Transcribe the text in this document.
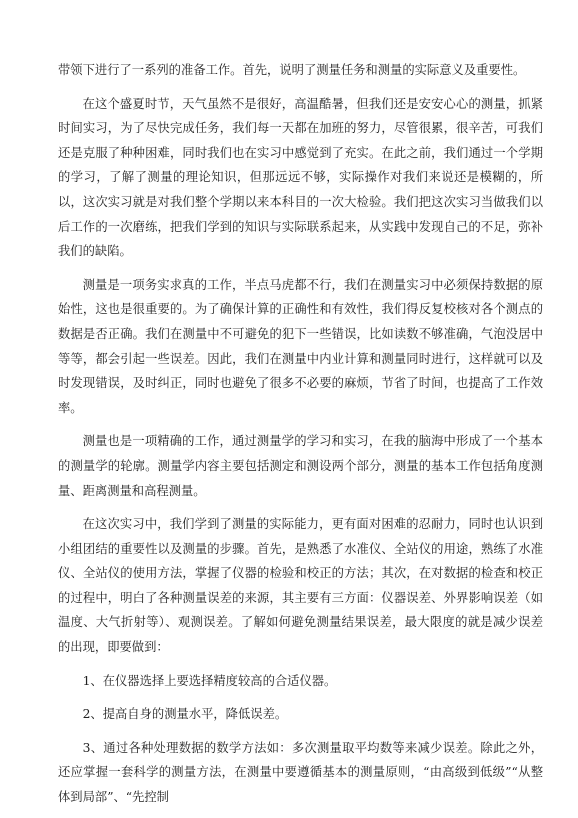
带领下进行了一系列的准备工作。首先，说明了测量任务和测量的实际意义及重要性。

在这个盛夏时节，天气虽然不是很好，高温酷暑，但我们还是安安心心的测量，抓紧时间实习，为了尽快完成任务，我们每一天都在加班的努力，尽管很累，很辛苦，可我们还是克服了种种困难，同时我们也在实习中感觉到了充实。在此之前，我们通过一个学期的学习，了解了测量的理论知识，但那远远不够，实际操作对我们来说还是模糊的，所以，这次实习就是对我们整个学期以来本科目的一次大检验。我们把这次实习当做我们以后工作的一次磨练，把我们学到的知识与实际联系起来，从实践中发现自己的不足，弥补我们的缺陷。

测量是一项务实求真的工作，半点马虎都不行，我们在测量实习中必须保持数据的原始性，这也是很重要的。为了确保计算的正确性和有效性，我们得反复校核对各个测点的数据是否正确。我们在测量中不可避免的犯下一些错误，比如读数不够准确，气泡没居中等等，都会引起一些误差。因此，我们在测量中内业计算和测量同时进行，这样就可以及时发现错误，及时纠正，同时也避免了很多不必要的麻烦，节省了时间，也提高了工作效率。

测量也是一项精确的工作，通过测量学的学习和实习，在我的脑海中形成了一个基本的测量学的轮廓。测量学内容主要包括测定和测设两个部分，测量的基本工作包括角度测量、距离测量和高程测量。

在这次实习中，我们学到了测量的实际能力，更有面对困难的忍耐力，同时也认识到小组团结的重要性以及测量的步骤。首先，是熟悉了水准仪、全站仪的用途，熟练了水准仪、全站仪的使用方法，掌握了仪器的检验和校正的方法；其次，在对数据的检查和校正的过程中，明白了各种测量误差的来源，其主要有三方面：仪器误差、外界影响误差（如温度、大气折射等）、观测误差。了解如何避免测量结果误差，最大限度的就是减少误差的出现，即要做到：

1、在仪器选择上要选择精度较高的合适仪器。

2、提高自身的测量水平，降低误差。

3、通过各种处理数据的数学方法如：多次测量取平均数等来减少误差。除此之外，还应掌握一套科学的测量方法，在测量中要遵循基本的测量原则，“由高级到低级”“从整体到局部”、“先控制
